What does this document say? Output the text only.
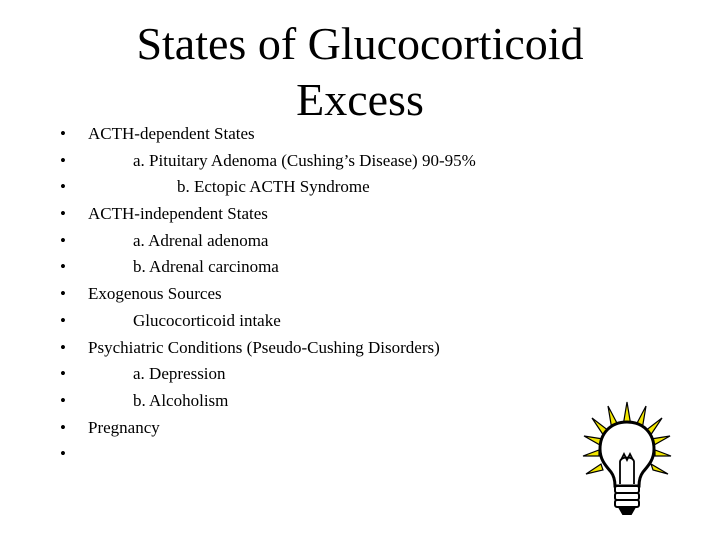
States of Glucocorticoid Excess
• ACTH-dependent States
•	a. Pituitary Adenoma (Cushing’s Disease) 90-95%
•	b. Ectopic ACTH Syndrome
• ACTH-independent States
•	a. Adrenal adenoma
•	b. Adrenal carcinoma
• Exogenous Sources
•	Glucocorticoid intake
• Psychiatric Conditions (Pseudo-Cushing Disorders)
•	a. Depression
•	b. Alcoholism
• Pregnancy
•
